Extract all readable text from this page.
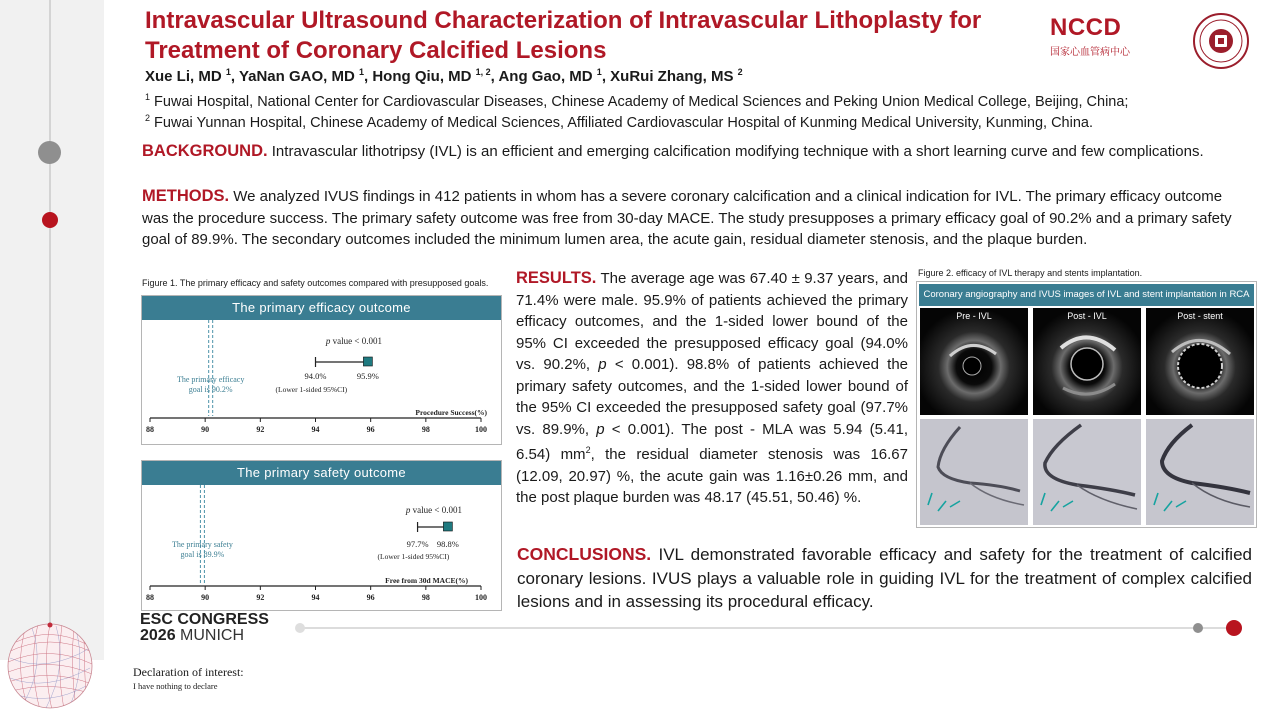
Intravascular Ultrasound Characterization of Intravascular Lithoplasty for Treatment of Coronary Calcified Lesions
Xue Li, MD $^1$, YaNan GAO, MD $^1$, Hong Qiu, MD $^{1, 2}$, Ang Gao, MD $^1$, XuRui Zhang, MS $^2$
$^1$ Fuwai Hospital, National Center for Cardiovascular Diseases, Chinese Academy of Medical Sciences and Peking Union Medical College, Beijing, China;
$^2$ Fuwai Yunnan Hospital, Chinese Academy of Medical Sciences, Affiliated Cardiovascular Hospital of Kunming Medical University, Kunming, China.
NCCD
国家心血管病中心
BACKGROUND. Intravascular lithotripsy (IVL) is an efficient and emerging calcification modifying technique with a short learning curve and few complications.
METHODS. We analyzed IVUS findings in 412 patients in whom has a severe coronary calcification and a clinical indication for IVL. The primary efficacy outcome was the procedure success. The primary safety outcome was free from 30-day MACE. The study presupposes a primary efficacy goal of 90.2% and a primary safety goal of 89.9%. The secondary outcomes included the minimum lumen area, the acute gain, residual diameter stenosis, and the plaque burden.
Figure 1. The primary efficacy and safety outcomes compared with presupposed goals.
The primary efficacy outcome
p value < 0.001
94.0%	95.9%
(Lower 1-sided 95%CI)
The primary efficacy
goal is 90.2%
Procedure Success(%)
88	90	92	94	96	98	100
The primary safety outcome
p value < 0.001
97.7% 98.8%
(Lower 1-sided 95%CI)
The primary safety
goal is 89.9%
Free from 30d MACE(%)
88	90	92	94	96	98	100
RESULTS. The average age was 67.40 ± 9.37 years, and 71.4% were male. 95.9% of patients achieved the primary efficacy outcomes, and the 1-sided lower bound of the 95% CI exceeded the presupposed efficacy goal (94.0% vs. 90.2%, p < 0.001). 98.8% of patients achieved the primary safety outcomes, and the 1-sided lower bound of the 95% CI exceeded the presupposed safety goal (97.7% vs. 89.9%, p < 0.001). The post - MLA was 5.94 (5.41, 6.54) $mm^2$, the residual diameter stenosis was 16.67 (12.09, 20.97) %, the acute gain was 1.16±0.26 mm, and the post plaque burden was 48.17 (45.51, 50.46) %.
Figure 2. efficacy of IVL therapy and stents implantation.
Coronary angiography and IVUS images of IVL and stent implantation in RCA
Pre - IVL	Post - IVL	Post - stent
CONCLUSIONS. IVL demonstrated favorable efficacy and safety for the treatment of calcified coronary lesions. IVUS plays a valuable role in guiding IVL for the treatment of complex calcified lesions and in assessing its procedural efficacy.
ESC CONGRESS
2026 MUNICH
Declaration of interest:
I have nothing to declare
